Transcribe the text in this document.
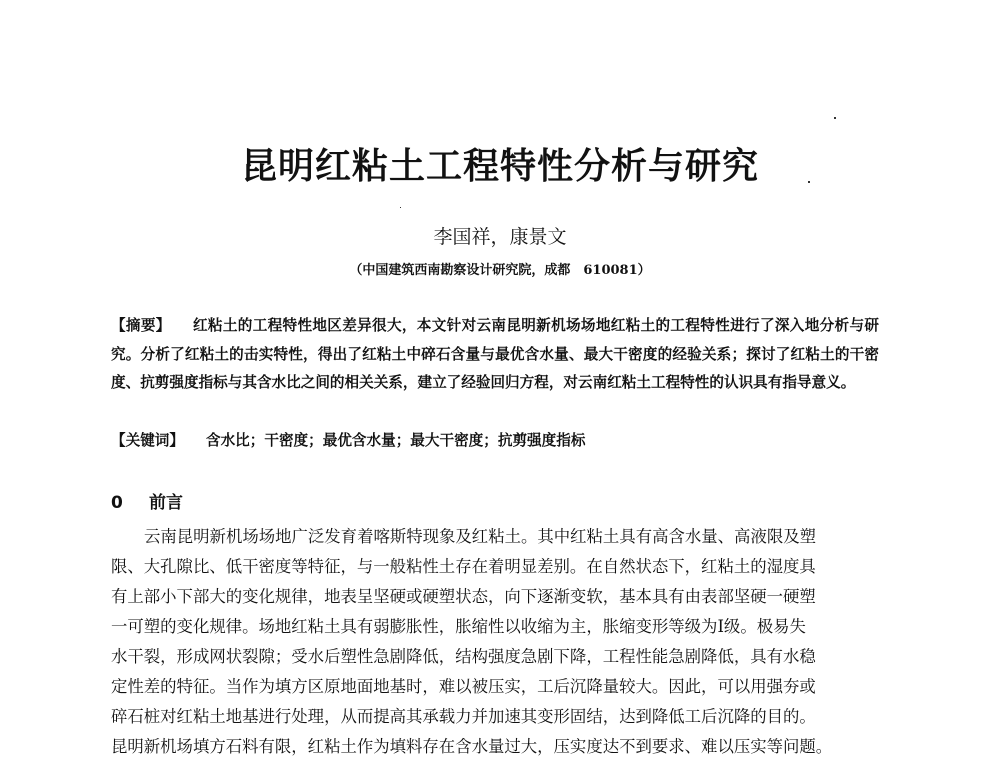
昆明红粘土工程特性分析与研究
李国祥，康景文
（中国建筑西南勘察设计研究院，成都　610081）

【摘要】 红粘土的工程特性地区差异很大，本文针对云南昆明新机场场地红粘土的工程特性进行了深入地分析与研究。分析了红粘土的击实特性，得出了红粘土中碎石含量与最优含水量、最大干密度的经验关系；探讨了红粘土的干密度、抗剪强度指标与其含水比之间的相关关系，建立了经验回归方程，对云南红粘土工程特性的认识具有指导意义。

【关键词】 含水比；干密度；最优含水量；最大干密度；抗剪强度指标

0 前言
云南昆明新机场场地广泛发育着喀斯特现象及红粘土。其中红粘土具有高含水量、高液限及塑
限、大孔隙比、低干密度等特征，与一般粘性土存在着明显差别。在自然状态下，红粘土的湿度具
有上部小下部大的变化规律，地表呈坚硬或硬塑状态，向下逐渐变软，基本具有由表部坚硬一硬塑
一可塑的变化规律。场地红粘土具有弱膨胀性，胀缩性以收缩为主，胀缩变形等级为Ⅰ级。极易失
水干裂，形成网状裂隙；受水后塑性急剧降低，结构强度急剧下降，工程性能急剧降低，具有水稳
定性差的特征。当作为填方区原地面地基时，难以被压实，工后沉降量较大。因此，可以用强夯或
碎石桩对红粘土地基进行处理，从而提高其承载力并加速其变形固结，达到降低工后沉降的目的。
昆明新机场填方石料有限，红粘土作为填料存在含水量过大，压实度达不到要求、难以压实等问题。
